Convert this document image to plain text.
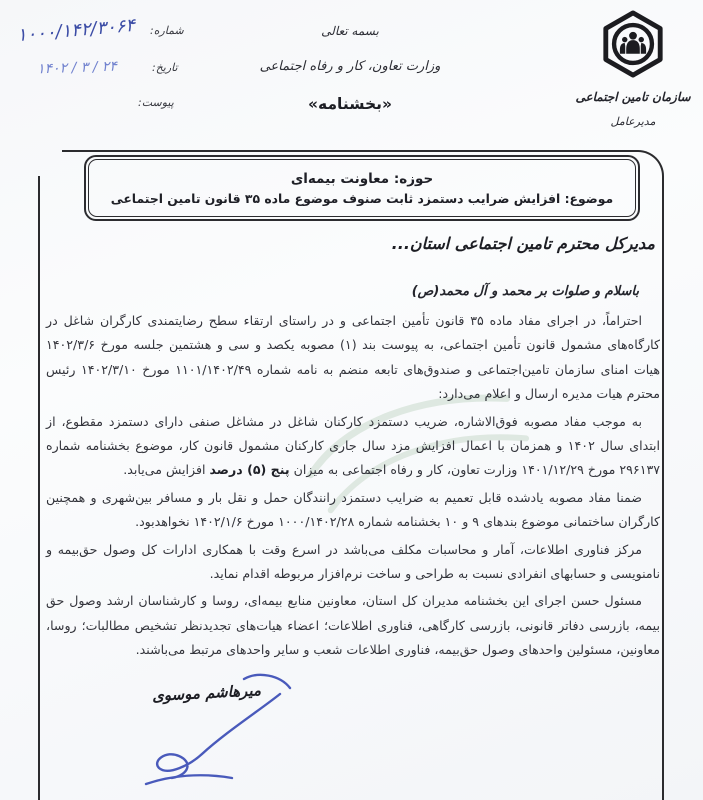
شماره:
تاریخ:
پیوست:
۱۰۰۰/۱۴۲/۳۰۶۴
۱۴۰۲ / ۳ / ۲۴
بسمه تعالی
وزارت تعاون، کار و رفاه اجتماعی
«بخشنامه»	سازمان تامین اجتماعی
مدیرعامل
حوزه: معاونت بیمه‌ای
موضوع: افزایش ضرایب دستمزد ثابت صنوف موضوع ماده ۳۵ قانون تامین اجتماعی
مدیرکل محترم تامین اجتماعی استان...
باسلام و صلوات بر محمد و آل محمد(ص)

احتراماً، در اجرای مفاد ماده ۳۵ قانون تأمین اجتماعی و در راستای ارتقاء سطح رضایتمندی کارگران شاغل در کارگاه‌های مشمول قانون تأمین اجتماعی، به پیوست بند (۱) مصوبه یکصد و سی و هشتمین جلسه مورخ ۱۴۰۲/۳/۶ هیات امنای سازمان تامین‌اجتماعی و صندوق‌های تابعه منضم به نامه شماره ۱۱۰۱/۱۴۰۲/۴۹ مورخ ۱۴۰۲/۳/۱۰ رئیس محترم هیات مدیره ارسال و اعلام می‌دارد:

به موجب مفاد مصوبه فوق‌الاشاره، ضریب دستمزد کارکنان شاغل در مشاغل صنفی دارای دستمزد مقطوع، از ابتدای سال ۱۴۰۲ و همزمان با اعمال افزایش مزد سال جاری کارکنان مشمول قانون کار، موضوع بخشنامه شماره ۲۹۶۱۳۷ مورخ ۱۴۰۱/۱۲/۲۹ وزارت تعاون، کار و رفاه اجتماعی به میزان پنج (۵) درصد افزایش می‌یابد.

ضمنا مفاد مصوبه یادشده قابل تعمیم به ضرایب دستمزد رانندگان حمل و نقل بار و مسافر بین‌شهری و همچنین کارگران ساختمانی موضوع بندهای ۹ و ۱۰ بخشنامه شماره ۱۰۰۰/۱۴۰۲/۲۸ مورخ ۱۴۰۲/۱/۶ نخواهدبود.

مرکز فناوری اطلاعات، آمار و محاسبات مکلف می‌باشد در اسرع وقت با همکاری ادارات کل وصول حق‌بیمه و نامنویسی و حسابهای انفرادی نسبت به طراحی و ساخت نرم‌افزار مربوطه اقدام نماید.

مسئول حسن اجرای این بخشنامه مدیران کل استان، معاونین منابع بیمه‌ای، روسا و کارشناسان ارشد وصول حق بیمه، بازرسی دفاتر قانونی، بازرسی کارگاهی، فناوری اطلاعات؛ اعضاء هیات‌های تجدیدنظر تشخیص مطالبات؛ روسا، معاونین، مسئولین واحدهای وصول حق‌بیمه، فناوری اطلاعات شعب و سایر واحدهای مرتبط می‌باشند.

میرهاشم موسوی
